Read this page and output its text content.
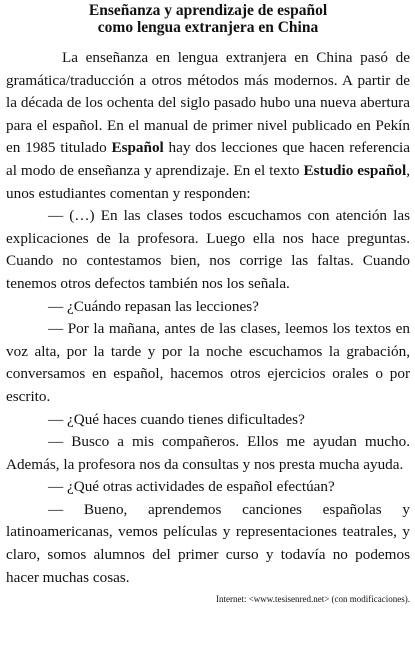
Enseñanza y aprendizaje de español
como lengua extranjera en China

La enseñanza en lengua extranjera en China pasó de gramática/traducción a otros métodos más modernos. A partir de la década de los ochenta del siglo pasado hubo una nueva abertura para el español. En el manual de primer nivel publicado en Pekín en 1985 titulado Español hay dos lecciones que hacen referencia al modo de enseñanza y aprendizaje. En el texto Estudio español, unos estudiantes comentan y responden:

— (…) En las clases todos escuchamos con atención las explicaciones de la profesora. Luego ella nos hace preguntas. Cuando no contestamos bien, nos corrige las faltas. Cuando tenemos otros defectos también nos los señala.

— ¿Cuándo repasan las lecciones?

— Por la mañana, antes de las clases, leemos los textos en voz alta, por la tarde y por la noche escuchamos la grabación, conversamos en español, hacemos otros ejercicios orales o por escrito.

— ¿Qué haces cuando tienes dificultades?

— Busco a mis compañeros. Ellos me ayudan mucho. Además, la profesora nos da consultas y nos presta mucha ayuda.

— ¿Qué otras actividades de español efectúan?

— Bueno, aprendemos canciones españolas y latinoamericanas, vemos películas y representaciones teatrales, y claro, somos alumnos del primer curso y todavía no podemos hacer muchas cosas.

Internet: <www.tesisenred.net> (con modificaciones).
